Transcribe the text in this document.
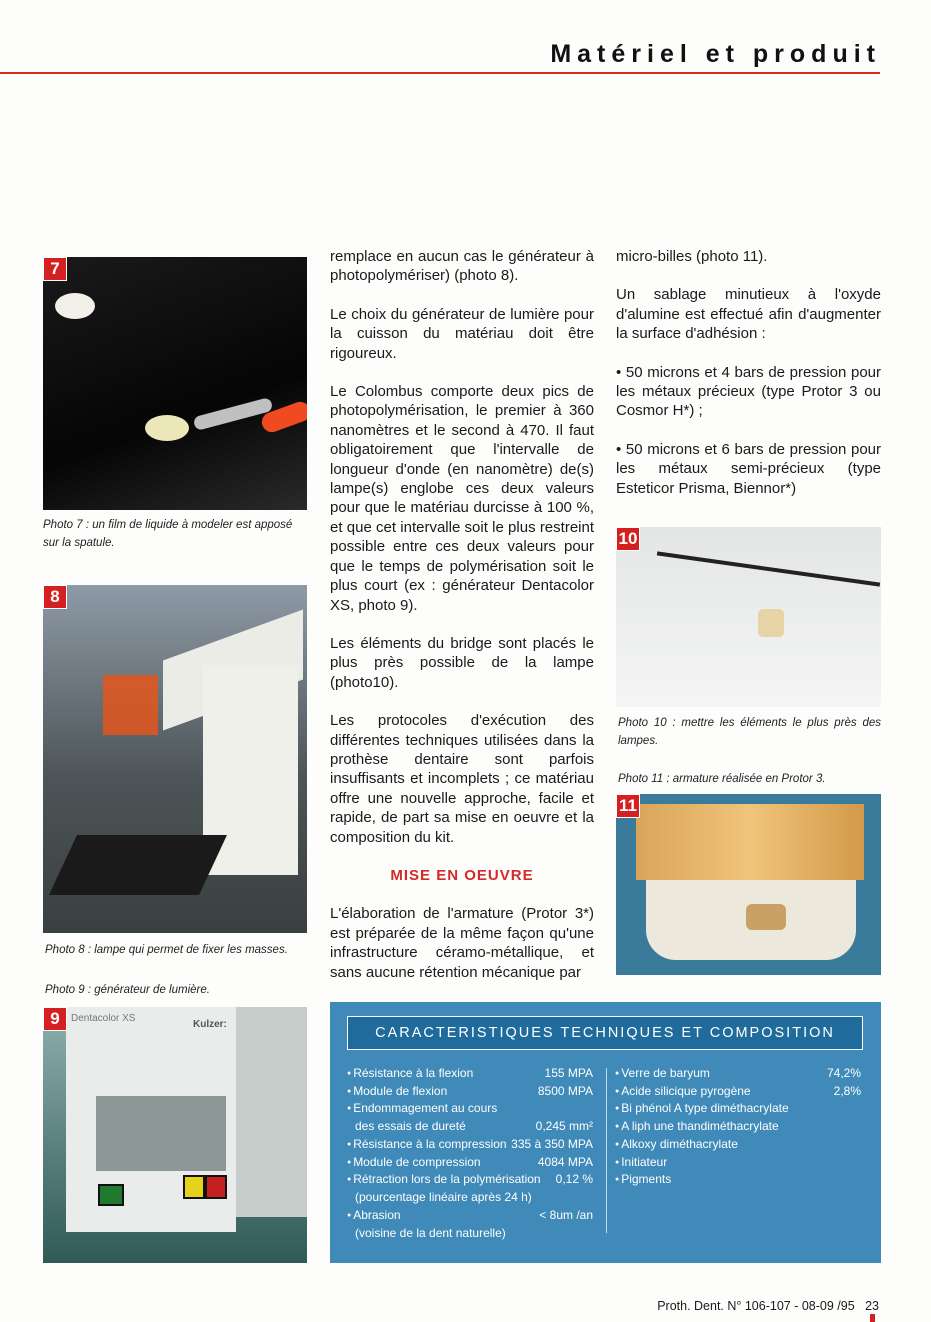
Matériel et produit
7
Photo 7 : un film de liquide à modeler est apposé sur la spatule.
8
Photo 8 : lampe qui permet de fixer les masses.
Photo 9 : générateur de lumière.
Dentacolor XS
Kulzer:
9

remplace en aucun cas le générateur à photopolymériser) (photo 8).

Le choix du générateur de lumière pour la cuisson du matériau doit être rigoureux.

Le Colombus comporte deux pics de photopolymérisation, le premier à 360 nanomètres et le second à 470. Il faut obligatoirement que l'intervalle de longueur d'onde (en nanomètre) de(s) lampe(s) englobe ces deux valeurs pour que le matériau durcisse à 100 %, et que cet intervalle soit le plus restreint possible entre ces deux valeurs pour que le temps de polymérisation soit le plus court (ex : générateur Dentacolor XS, photo 9).

Les éléments du bridge sont placés le plus près possible de la lampe (photo10).

Les protocoles d'exécution des différentes techniques utilisées dans la prothèse dentaire sont parfois insuffisants et incomplets ; ce matériau offre une nouvelle approche, facile et rapide, de part sa mise en oeuvre et la composition du kit.

MISE EN OEUVRE

L'élaboration de l'armature (Protor 3*) est préparée de la même façon qu'une infrastructure céramo-métallique, et sans aucune rétention mécanique par

micro-billes (photo 11).

Un sablage minutieux à l'oxyde d'alumine est effectué afin d'augmenter la surface d'adhésion :

• 50 microns et 4 bars de pression pour les métaux précieux (type Protor 3 ou Cosmor H*) ;

• 50 microns et 6 bars de pression pour les métaux semi-précieux (type Esteticor Prisma, Biennor*)

10
Photo 10 : mettre les éléments le plus près des lampes.
Photo 11 : armature réalisée en Protor 3.
11
CARACTERISTIQUES TECHNIQUES ET COMPOSITION
● Résistance à la flexion	155 MPA
● Module de flexion	8500 MPA
● Endommagement au cours
des essais de dureté	0,245 mm²
● Résistance à la compression 335 à 350 MPA
● Module de compression	4084 MPA
● Rétraction lors de la polymérisation 0,12 %
(pourcentage linéaire après 24 h)
● Abrasion	< 8um /an
(voisine de la dent naturelle)
● Verre de baryum	74,2%
● Acide silicique pyrogène	2,8%
● Bi phénol A type diméthacrylate
● A liph une thandiméthacrylate
● Alkoxy diméthacrylate
● Initiateur
● Pigments
Proth. Dent. N° 106-107 - 08-09 /95 23
